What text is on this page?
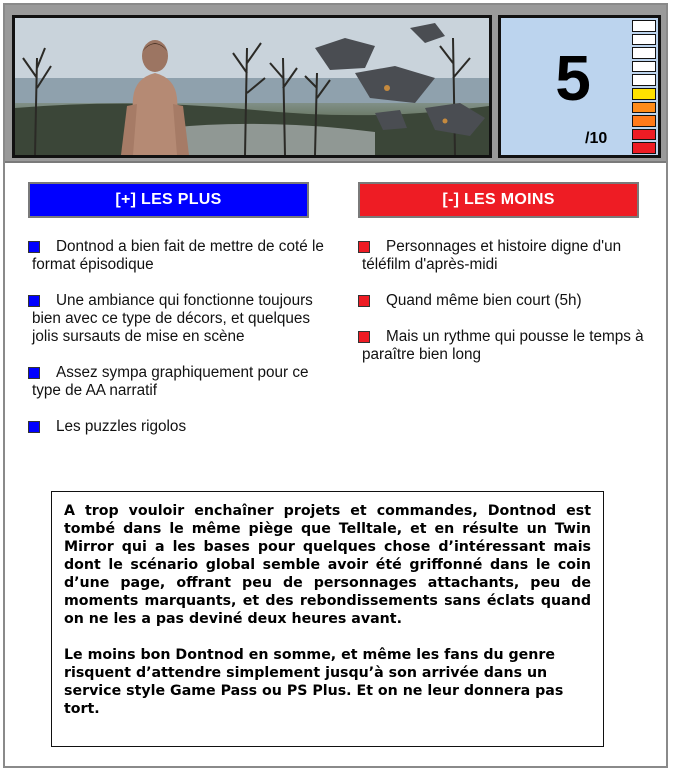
5
/10
[+] LES PLUS	[-] LES MOINS
Dontnod a bien fait de mettre de coté le format épisodique
Une ambiance qui fonctionne toujours bien avec ce type de décors, et quelques jolis sursauts de mise en scène
Assez sympa graphiquement pour ce type de AA narratif
Les puzzles rigolos
Personnages et histoire digne d'un téléfilm d'après-midi
Quand même bien court (5h)
Mais un rythme qui pousse le temps à paraître bien long

A trop vouloir enchaîner projets et commandes, Dontnod est tombé dans le même piège que Telltale, et en résulte un Twin Mirror qui a les bases pour quelques chose d’intéressant mais dont le scénario global semble avoir été griffonné dans le coin d’une page, offrant peu de personnages attachants, peu de moments marquants, et des rebondissements sans éclats quand on ne les a pas deviné deux heures avant.

Le moins bon Dontnod en somme, et même les fans du genre risquent d’attendre simplement jusqu’à son arrivée dans un service style Game Pass ou PS Plus. Et on ne leur donnera pas tort.
